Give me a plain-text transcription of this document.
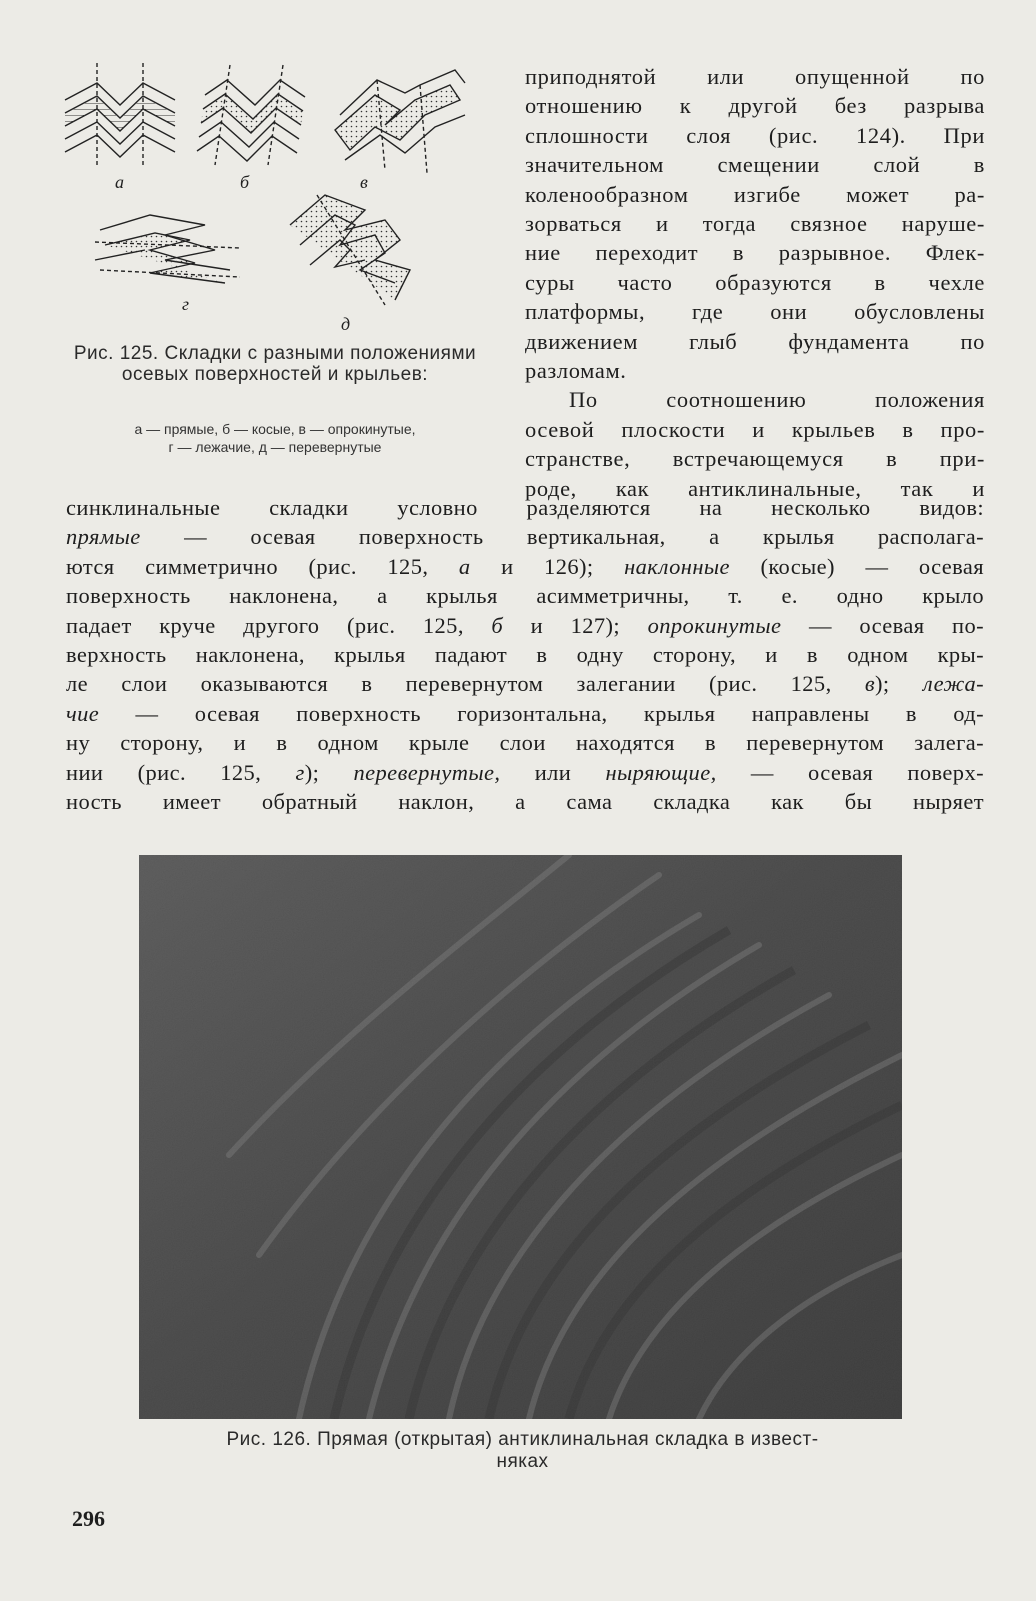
а	б	в
г
д
Рис. 125. Складки с разными положениями осевых поверхностей и крыльев:
а — прямые, б — косые, в — опрокинутые,
г — лежачие, д — перевернутые
приподнятой или опущенной по
отношению к другой без разрыва
сплошности слоя (рис. 124). При
значительном смещении слой в
коленообразном изгибе может ра-
зорваться и тогда связное наруше-
ние переходит в разрывное. Флек-
суры часто образуются в чехле
платформы, где они обусловлены
движением глыб фундамента по
разломам.
По соотношению положения
осевой плоскости и крыльев в про-
странстве, встречающемуся в при-
роде, как антиклинальные, так и
синклинальные складки условно разделяются на несколько видов:
прямые — осевая поверхность вертикальная, а крылья располага-
ются симметрично (рис. 125, а и 126); наклонные (косые) — осевая
поверхность наклонена, а крылья асимметричны, т. е. одно крыло
падает круче другого (рис. 125, б и 127); опрокинутые — осевая по-
верхность наклонена, крылья падают в одну сторону, и в одном кры-
ле слои оказываются в перевернутом залегании (рис. 125, в); лежа-
чие — осевая поверхность горизонтальна, крылья направлены в од-
ну сторону, и в одном крыле слои находятся в перевернутом залега-
нии (рис. 125, г); перевернутые, или ныряющие, — осевая поверх-
ность имеет обратный наклон, а сама складка как бы ныряет
Рис. 126. Прямая (открытая) антиклинальная складка в извест-
няках
296
